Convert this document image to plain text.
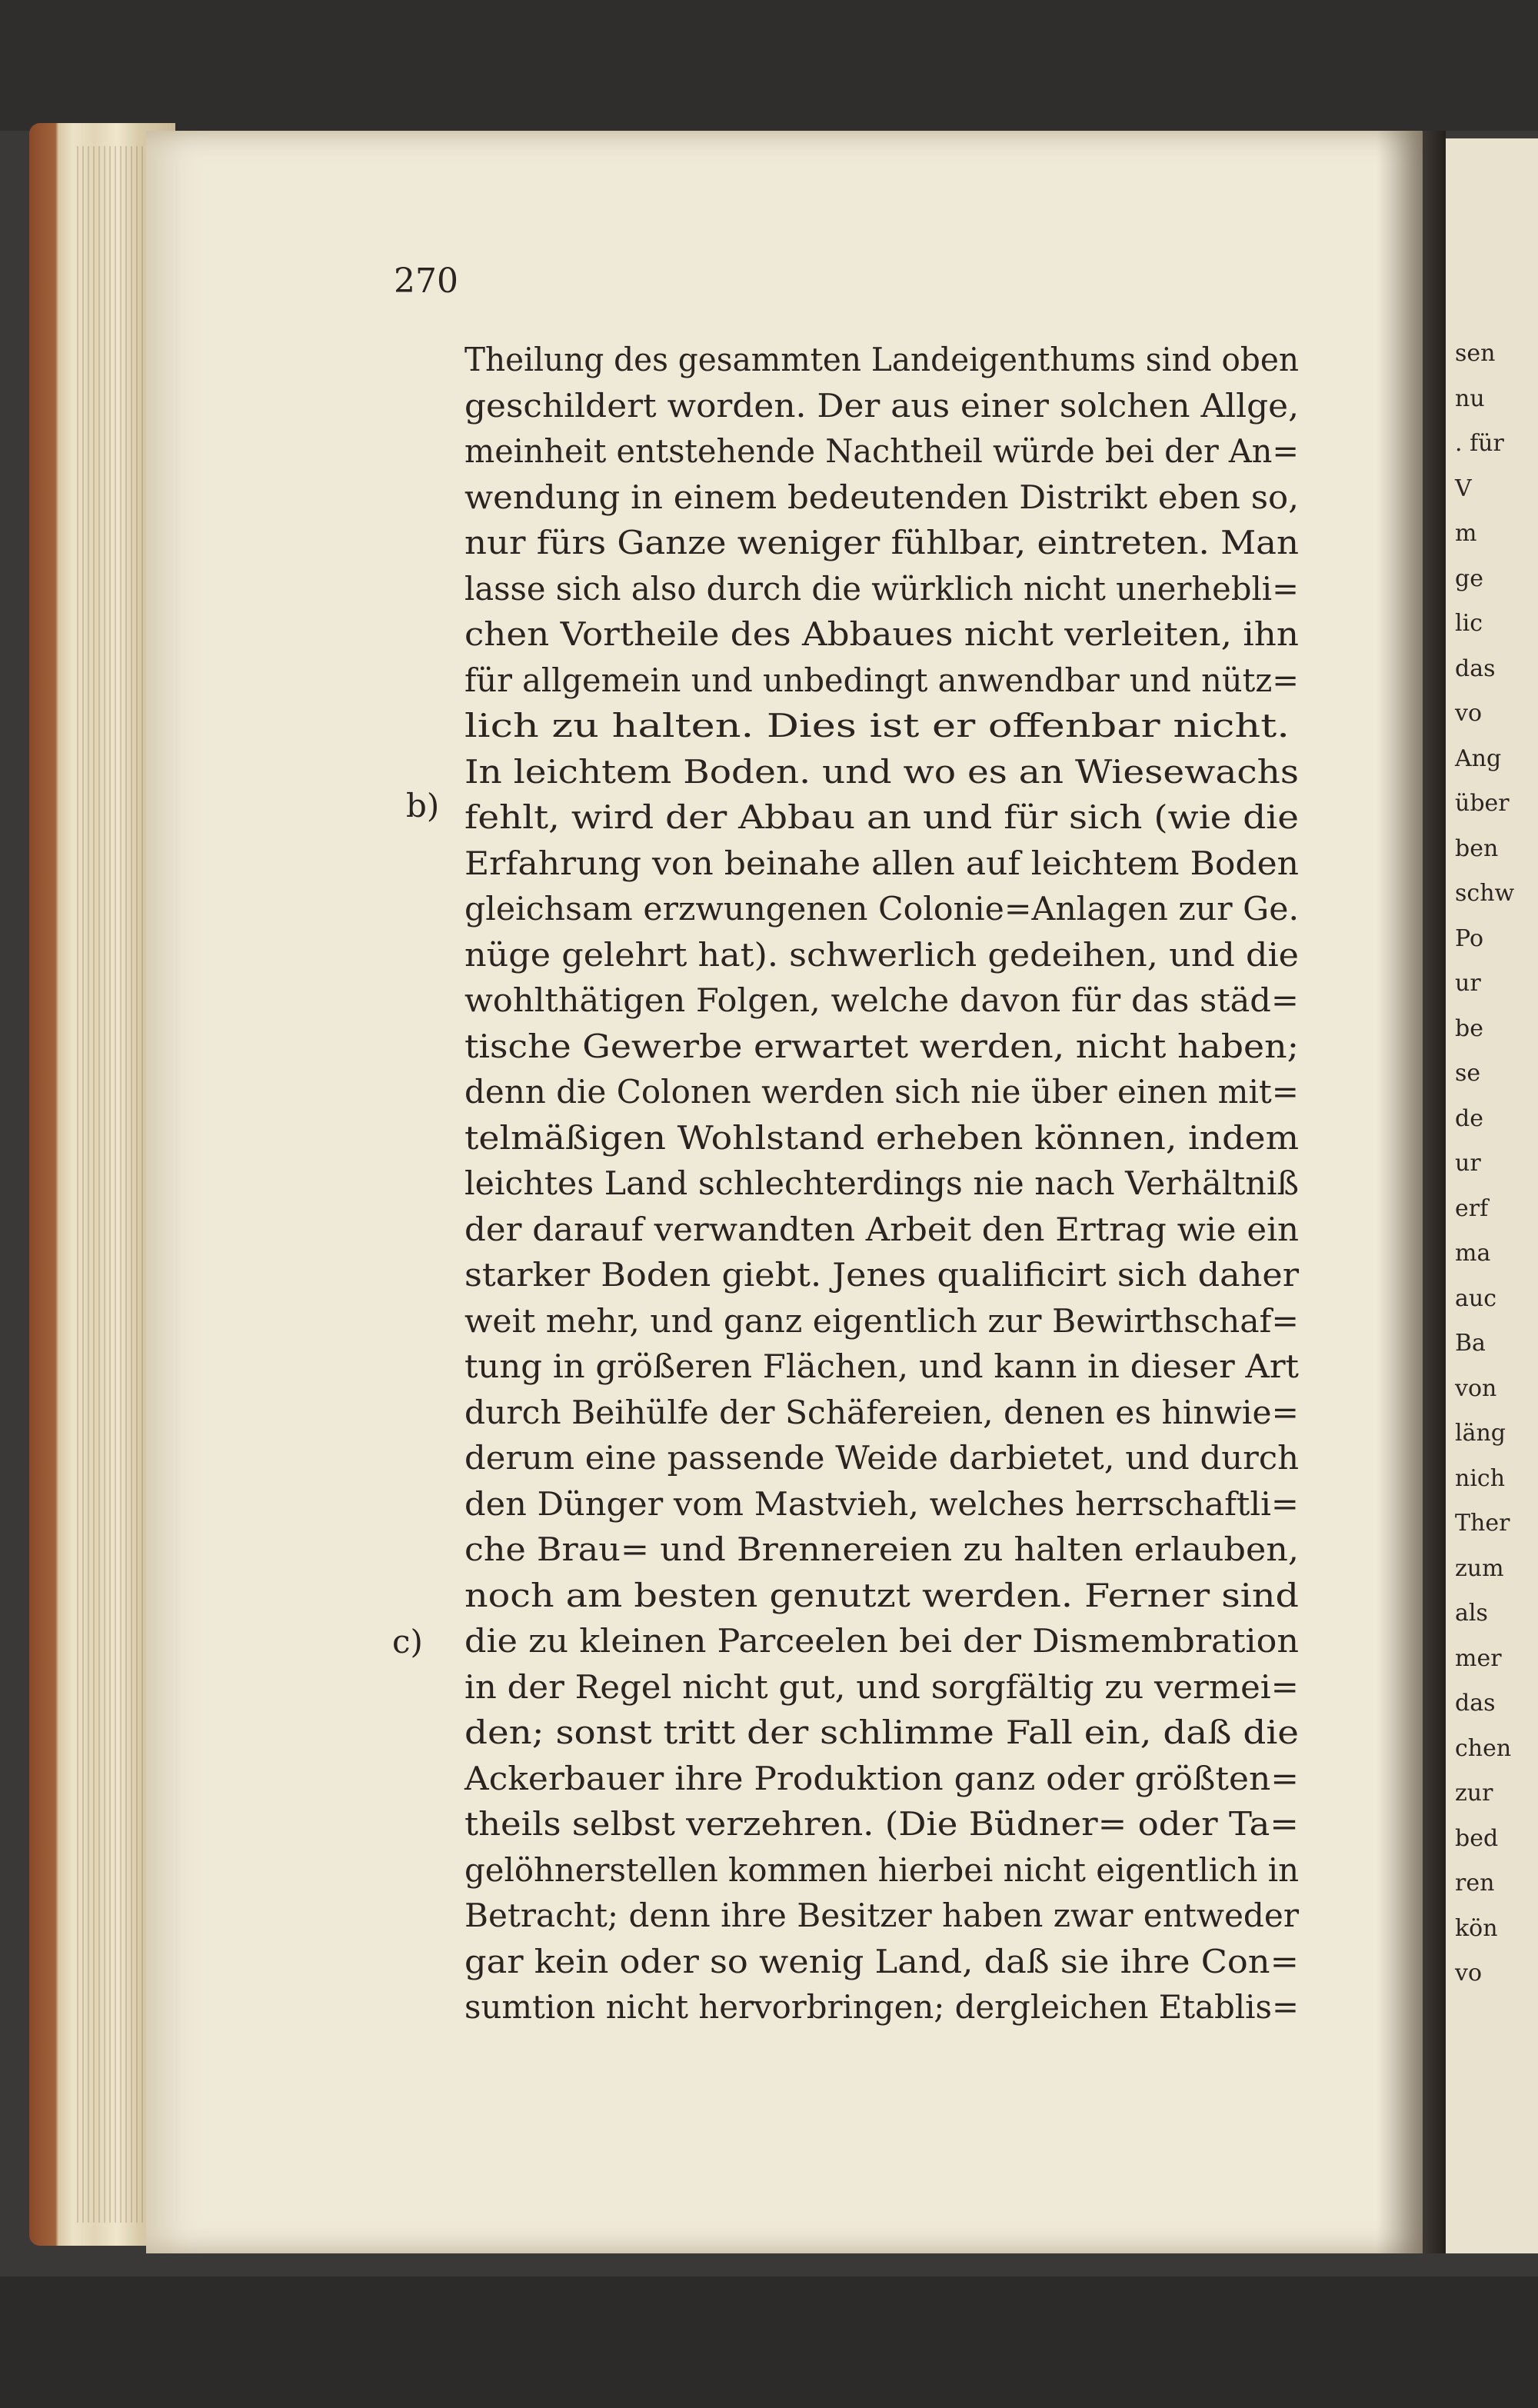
270
b)
c)
Theilung des gesammten Landeigenthums sind oben
geschildert worden. Der aus einer solchen Allge,
meinheit entstehende Nachtheil würde bei der An=
wendung in einem bedeutenden Distrikt eben so,
nur fürs Ganze weniger fühlbar, eintreten. Man
lasse sich also durch die würklich nicht unerhebli=
chen Vortheile des Abbaues nicht verleiten, ihn
für allgemein und unbedingt anwendbar und nütz=
lich zu halten. Dies ist er offenbar nicht.
In leichtem Boden. und wo es an Wiesewachs
fehlt, wird der Abbau an und für sich (wie die
Erfahrung von beinahe allen auf leichtem Boden
gleichsam erzwungenen Colonie=Anlagen zur Ge.
nüge gelehrt hat). schwerlich gedeihen, und die
wohlthätigen Folgen, welche davon für das städ=
tische Gewerbe erwartet werden, nicht haben;
denn die Colonen werden sich nie über einen mit=
telmäßigen Wohlstand erheben können, indem
leichtes Land schlechterdings nie nach Verhältniß
der darauf verwandten Arbeit den Ertrag wie ein
starker Boden giebt. Jenes qualificirt sich daher
weit mehr, und ganz eigentlich zur Bewirthschaf=
tung in größeren Flächen, und kann in dieser Art
durch Beihülfe der Schäfereien, denen es hinwie=
derum eine passende Weide darbietet, und durch
den Dünger vom Mastvieh, welches herrschaftli=
che Brau= und Brennereien zu halten erlauben,
noch am besten genutzt werden. Ferner sind
die zu kleinen Parceelen bei der Dismembration
in der Regel nicht gut, und sorgfältig zu vermei=
den; sonst tritt der schlimme Fall ein, daß die
Ackerbauer ihre Produktion ganz oder größten=
theils selbst verzehren. (Die Büdner= oder Ta=
gelöhnerstellen kommen hierbei nicht eigentlich in
Betracht; denn ihre Besitzer haben zwar entweder
gar kein oder so wenig Land, daß sie ihre Con=
sumtion nicht hervorbringen; dergleichen Etablis=
sen
nu
. für
V
m
ge
lic
das
vo
Ang
über
ben
schw
Po
ur
be
se
de
ur
erf
ma
auc
Ba
von
läng
nich
Ther
zum
als
mer
das
chen
zur
bed
ren
kön
vo
